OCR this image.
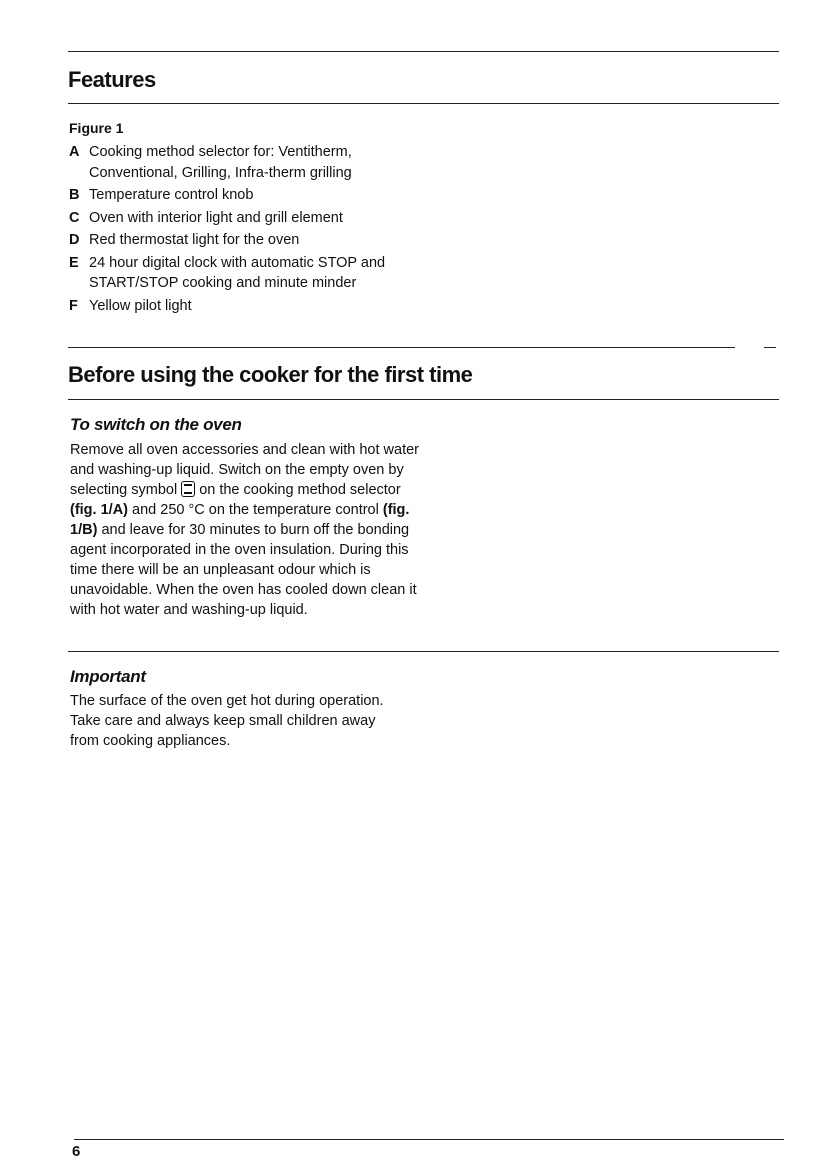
Features
Figure 1
A Cooking method selector for: Ventitherm, Conventional, Grilling, Infra-therm grilling
B Temperature control knob
C Oven with interior light and grill element
D Red thermostat light for the oven
E 24 hour digital clock with automatic STOP and START/STOP cooking and minute minder
F Yellow pilot light
Before using the cooker for the first time
To switch on the oven

Remove all oven accessories and clean with hot water and washing-up liquid. Switch on the empty oven by selecting symbol on the cooking method selector (fig. 1/A) and 250 °C on the temperature control (fig. 1/B) and leave for 30 minutes to burn off the bonding agent incorporated in the oven insulation. During this time there will be an unpleasant odour which is unavoidable. When the oven has cooled down clean it with hot water and washing-up liquid.

Important

The surface of the oven get hot during operation. Take care and always keep small children away from cooking appliances.

6
